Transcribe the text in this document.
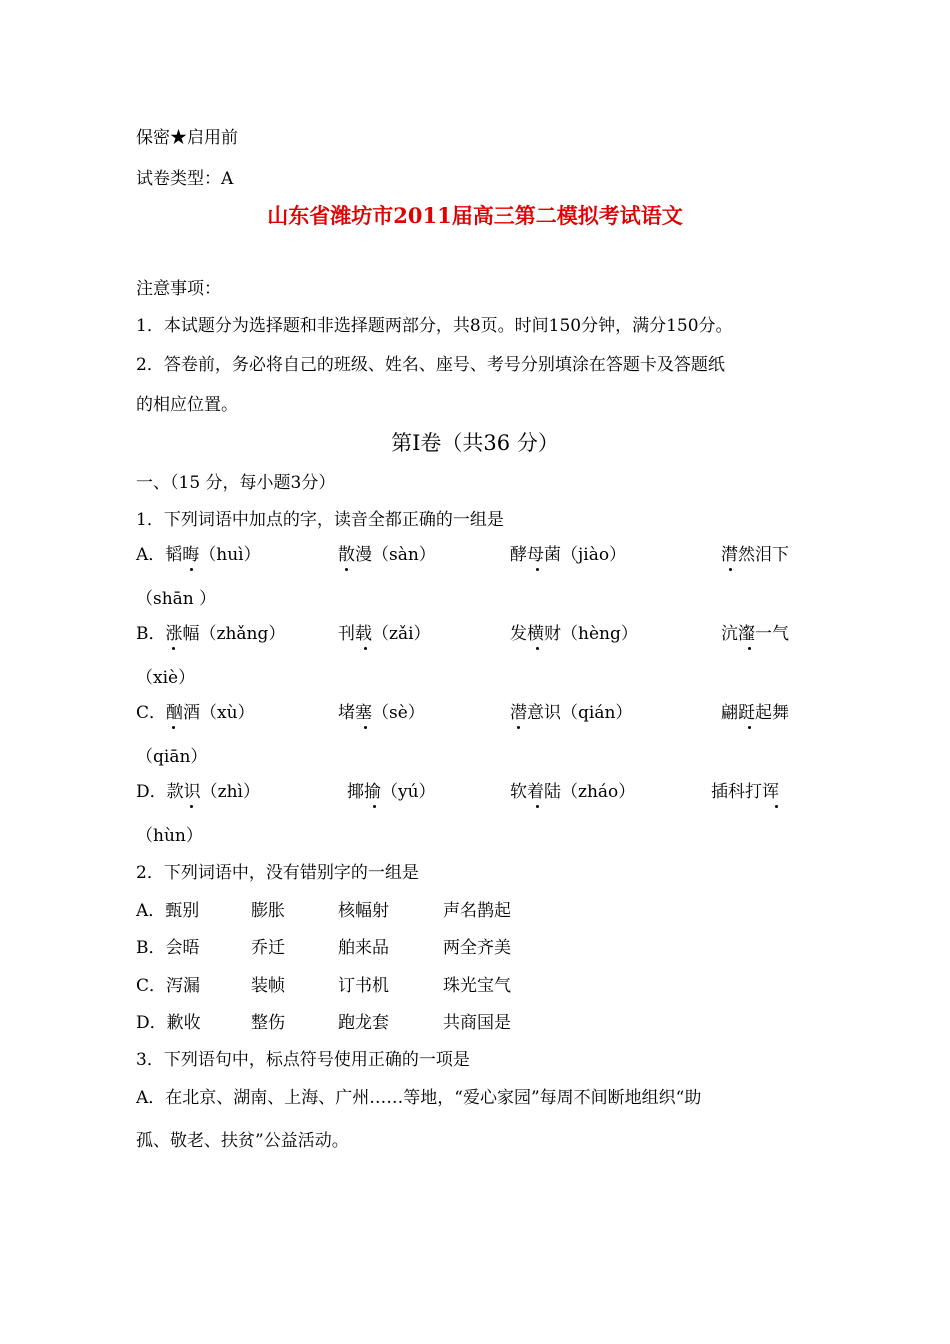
保密★启用前
试卷类型：A
山东省潍坊市2011届高三第二模拟考试语文
注意事项：
1．本试题分为选择题和非选择题两部分，共8页。时间150分钟，满分150分。
2．答卷前，务必将自己的班级、姓名、座号、考号分别填涂在答题卡及答题纸
的相应位置。
第Ⅰ卷（共36 分）
一、（15 分，每小题3分）
1．下列词语中加点的字，读音全都正确的一组是
A．韬晦（huì）	散漫（sàn）	酵母菌（jiào）	潸然泪下
（shān ）
B．涨幅（zhǎng）	刊载（zǎi）	发横财（hèng）	沆瀣一气
（xiè）
C．酗酒（xù）	堵塞（sè）	潜意识（qián）	翩跹起舞
（qiān）
D．款识（zhì）	揶揄（yú）	软着陆（zháo）	插科打诨
（hùn）
2．下列词语中，没有错别字的一组是
A．甄别	膨胀	核幅射	声名鹊起
B．会晤	乔迁	舶来品	两全齐美
C．泻漏	装帧	订书机	珠光宝气
D．歉收	整伤	跑龙套	共商国是
3．下列语句中，标点符号使用正确的一项是
A．在北京、湖南、上海、广州……等地，“爱心家园”每周不间断地组织“助
孤、敬老、扶贫”公益活动。
